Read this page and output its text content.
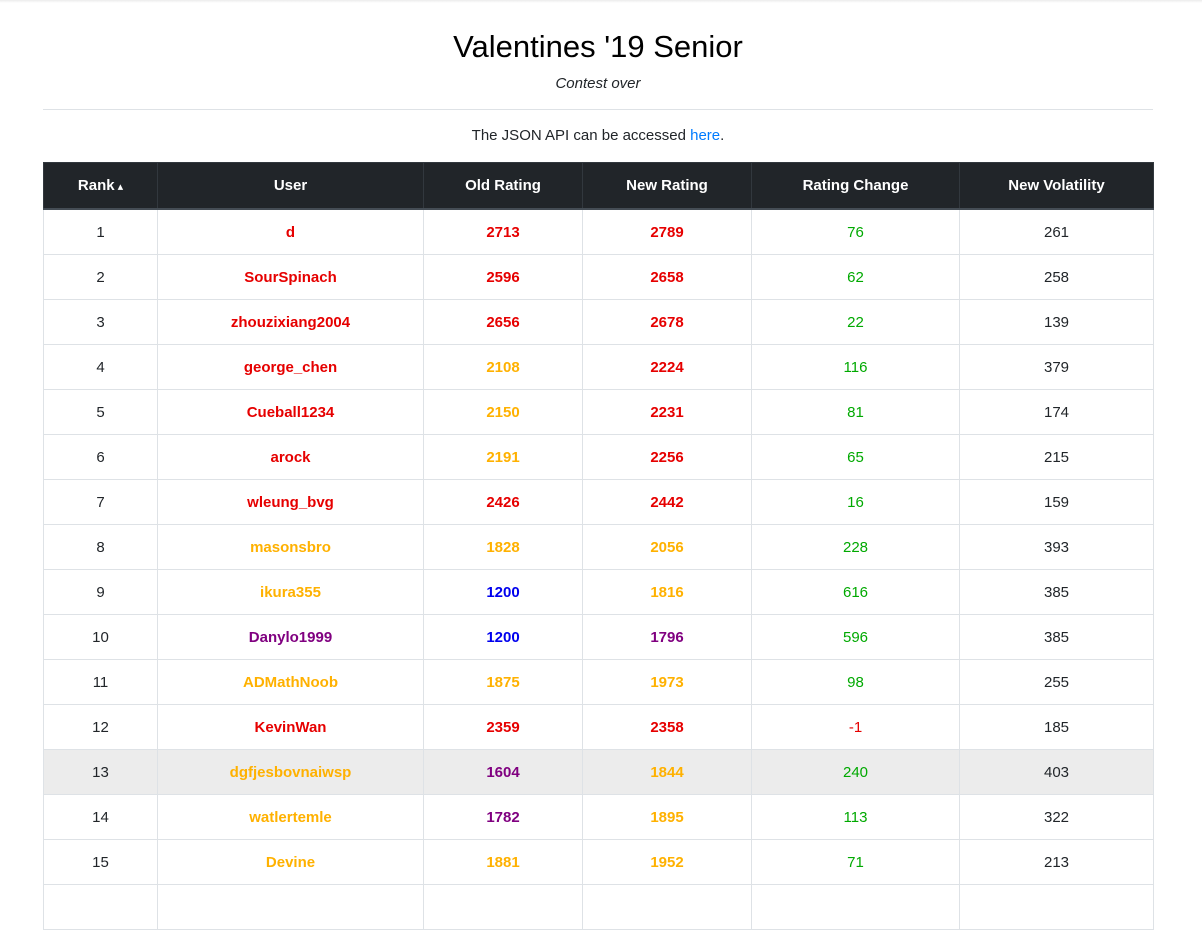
Valentines '19 Senior
Contest over
The JSON API can be accessed here.
Rank ▴	User	Old Rating	New Rating	Rating Change	New Volatility
1	d	2713	2789	76	261
2	SourSpinach	2596	2658	62	258
3	zhouzixiang2004	2656	2678	22	139
4	george_chen	2108	2224	116	379
5	Cueball1234	2150	2231	81	174
6	arock	2191	2256	65	215
7	wleung_bvg	2426	2442	16	159
8	masonsbro	1828	2056	228	393
9	ikura355	1200	1816	616	385
10	Danylo1999	1200	1796	596	385
11	ADMathNoob	1875	1973	98	255
12	KevinWan	2359	2358	-1	185
13	dgfjesbovnaiwsp	1604	1844	240	403
14	watlertemle	1782	1895	113	322
15	Devine	1881	1952	71	213
